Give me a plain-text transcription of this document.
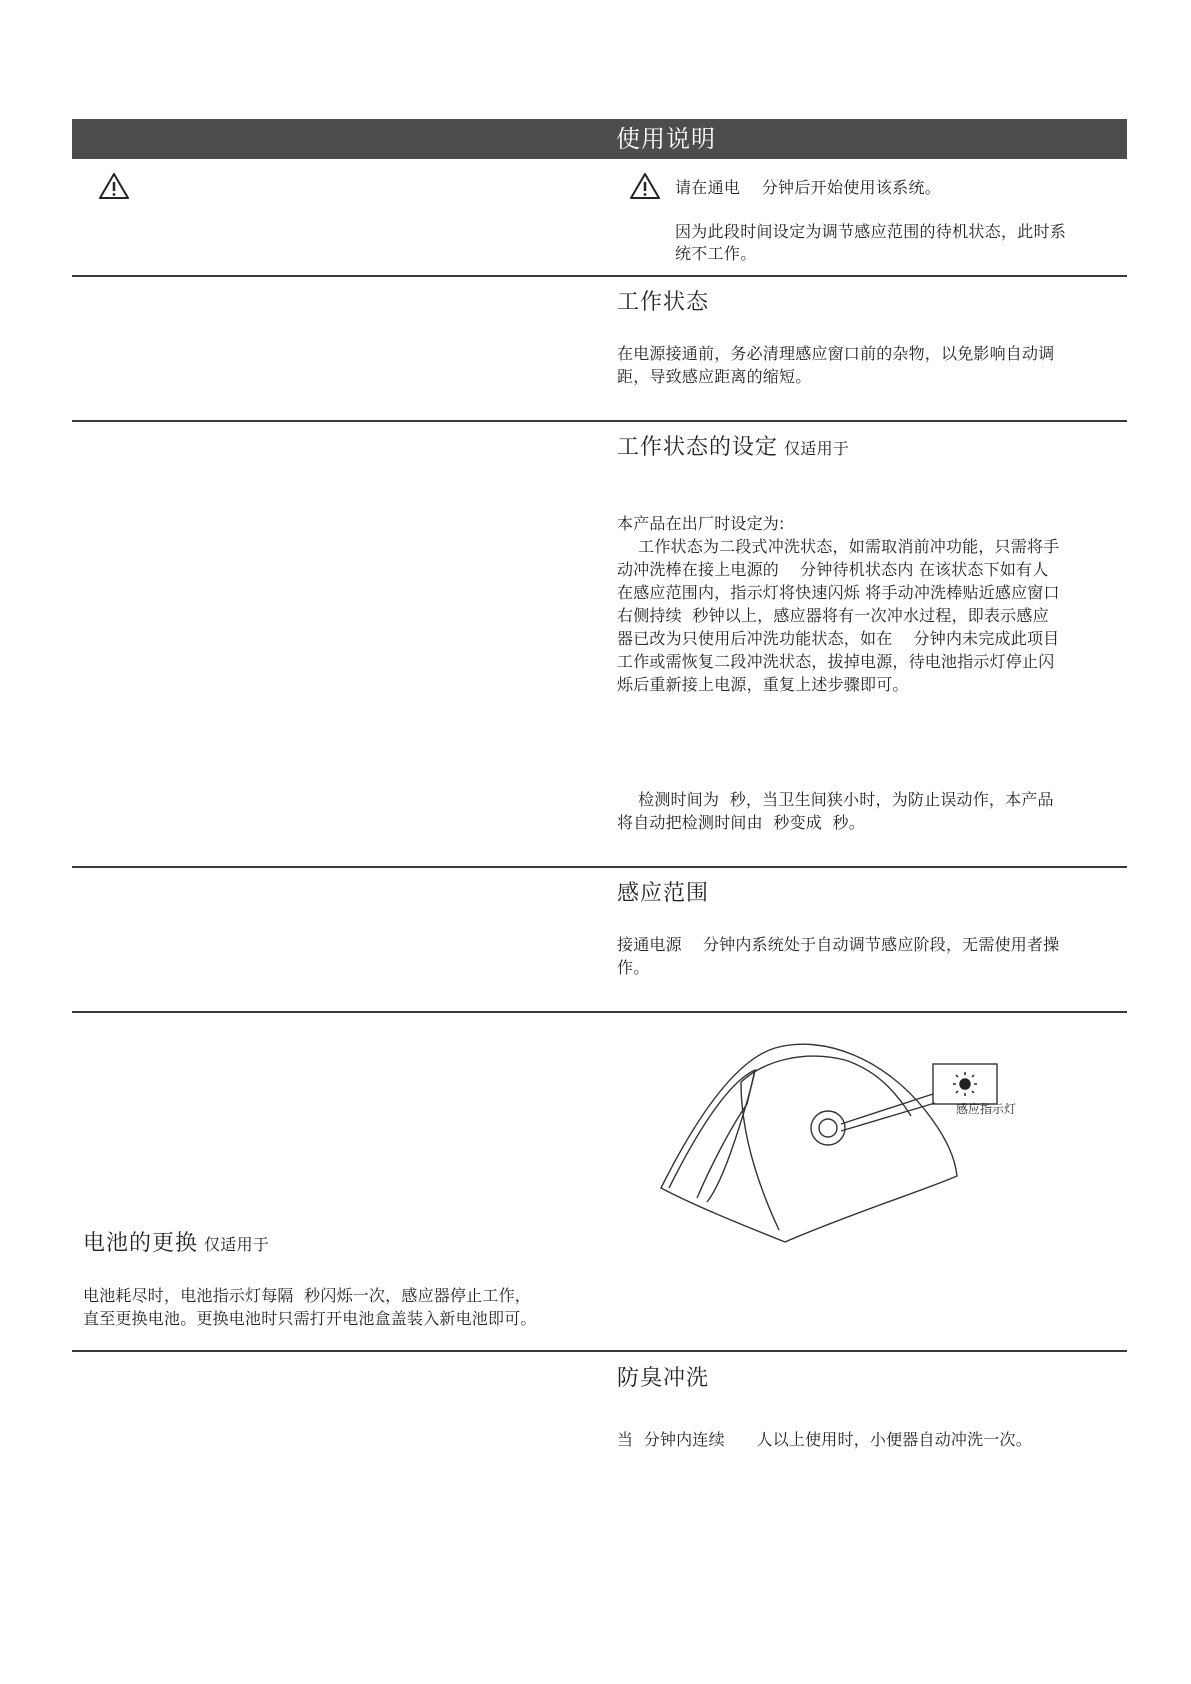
使用说明
请在通电    分钟后开始使用该系统。
因为此段时间设定为调节感应范围的待机状态，此时系
统不工作。
工作状态
在电源接通前，务必清理感应窗口前的杂物，以免影响自动调
距，导致感应距离的缩短。
工作状态的设定 仅适用于
本产品在出厂时设定为:
工作状态为二段式冲洗状态，如需取消前冲功能，只需将手
动冲洗棒在接上电源的    分钟待机状态内 在该状态下如有人
在感应范围内，指示灯将快速闪烁 将手动冲洗棒贴近感应窗口
右侧持续  秒钟以上，感应器将有一次冲水过程，即表示感应
器已改为只使用后冲洗功能状态，如在    分钟内未完成此项目
工作或需恢复二段冲洗状态，拔掉电源，待电池指示灯停止闪
烁后重新接上电源，重复上述步骤即可。
检测时间为  秒，当卫生间狭小时，为防止误动作，本产品
将自动把检测时间由  秒变成  秒。
感应范围
接通电源    分钟内系统处于自动调节感应阶段，无需使用者操
作。
感应指示灯
电池的更换 仅适用于
电池耗尽时，电池指示灯每隔  秒闪烁一次，感应器停止工作，
直至更换电池。更换电池时只需打开电池盒盖装入新电池即可。
防臭冲洗
当  分钟内连续      人以上使用时，小便器自动冲洗一次。
